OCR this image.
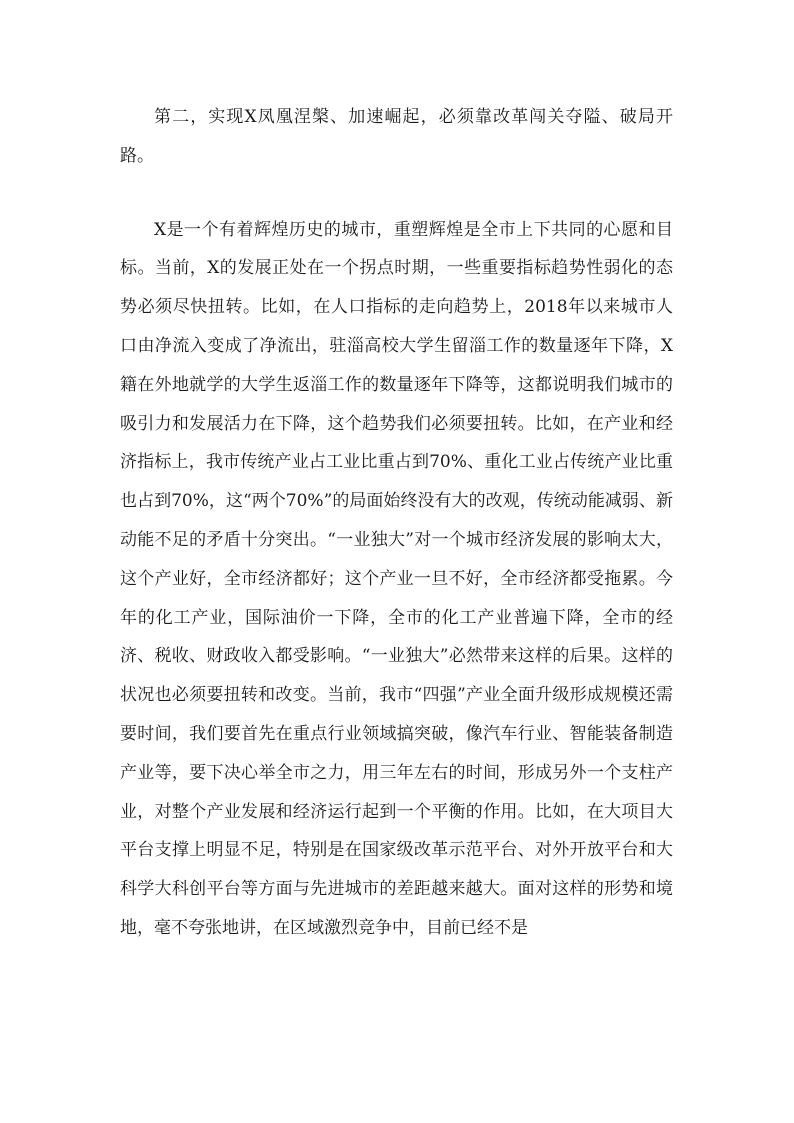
第二，实现X凤凰涅槃、加速崛起，必须靠改革闯关夺隘、破局开路。

X是一个有着辉煌历史的城市，重塑辉煌是全市上下共同的心愿和目标。当前，X的发展正处在一个拐点时期，一些重要指标趋势性弱化的态势必须尽快扭转。比如，在人口指标的走向趋势上，2018年以来城市人口由净流入变成了净流出，驻淄高校大学生留淄工作的数量逐年下降，X籍在外地就学的大学生返淄工作的数量逐年下降等，这都说明我们城市的吸引力和发展活力在下降，这个趋势我们必须要扭转。比如，在产业和经济指标上，我市传统产业占工业比重占到70%、重化工业占传统产业比重也占到70%，这“两个70%”的局面始终没有大的改观，传统动能减弱、新动能不足的矛盾十分突出。“一业独大”对一个城市经济发展的影响太大，这个产业好，全市经济都好；这个产业一旦不好，全市经济都受拖累。今年的化工产业，国际油价一下降，全市的化工产业普遍下降，全市的经济、税收、财政收入都受影响。“一业独大”必然带来这样的后果。这样的状况也必须要扭转和改变。当前，我市“四强”产业全面升级形成规模还需要时间，我们要首先在重点行业领域搞突破，像汽车行业、智能装备制造产业等，要下决心举全市之力，用三年左右的时间，形成另外一个支柱产业，对整个产业发展和经济运行起到一个平衡的作用。比如，在大项目大平台支撑上明显不足，特别是在国家级改革示范平台、对外开放平台和大科学大科创平台等方面与先进城市的差距越来越大。面对这样的形势和境地，毫不夸张地讲，在区域激烈竞争中，目前已经不是
